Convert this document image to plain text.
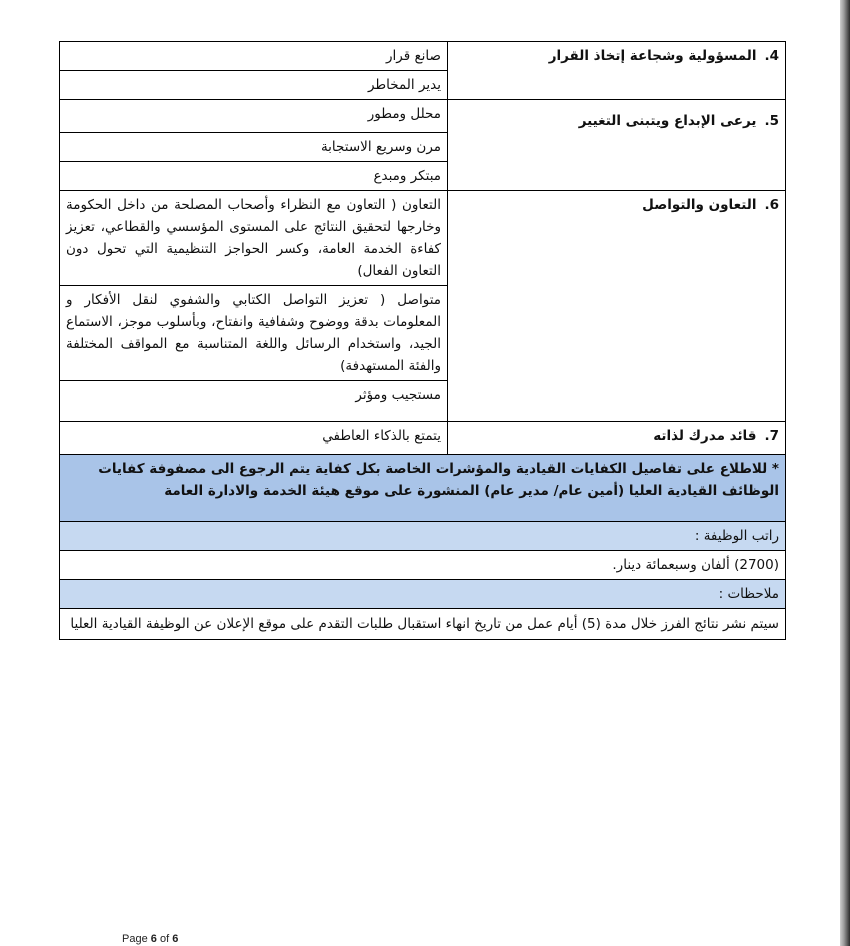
4.المسؤولية وشجاعة إتخاذ القرار	صانع قرار
	يدير المخاطر
5.يرعى الإبداع ويتبنى التغيير	محلل ومطور
	مرن وسريع الاستجابة
	مبتكر ومبدع
6.التعاون والتواصل	التعاون ( التعاون مع النظراء وأصحاب المصلحة من داخل الحكومة وخارجها لتحقيق النتائج على المستوى المؤسسي والقطاعي، تعزيز كفاءة الخدمة العامة، وكسر الحواجز التنظيمية التي تحول دون التعاون الفعال)
	متواصل ( تعزيز التواصل الكتابي والشفوي لنقل الأفكار و المعلومات بدقة ووضوح وشفافية وانفتاح، وبأسلوب موجز، الاستماع الجيد، واستخدام الرسائل واللغة المتناسبة مع المواقف المختلفة والفئة المستهدفة)
	مستجيب ومؤثر
7.قائد مدرك لذاته	يتمتع بالذكاء العاطفي
* للاطلاع على تفاصيل الكفايات القيادية والمؤشرات الخاصة بكل كفاية يتم الرجوع الى مصفوفة كفايات الوظائف القيادية العليا (أمين عام/ مدير عام) المنشورة على موقع هيئة الخدمة والادارة العامة	
راتب الوظيفة :	
(2700) ألفان وسبعمائة دينار.	
ملاحظات :	
سيتم نشر نتائج الفرز خلال مدة (5) أيام عمل من تاريخ انهاء استقبال طلبات التقدم على موقع الإعلان عن الوظيفة القيادية العليا	
Page 6 of 6
